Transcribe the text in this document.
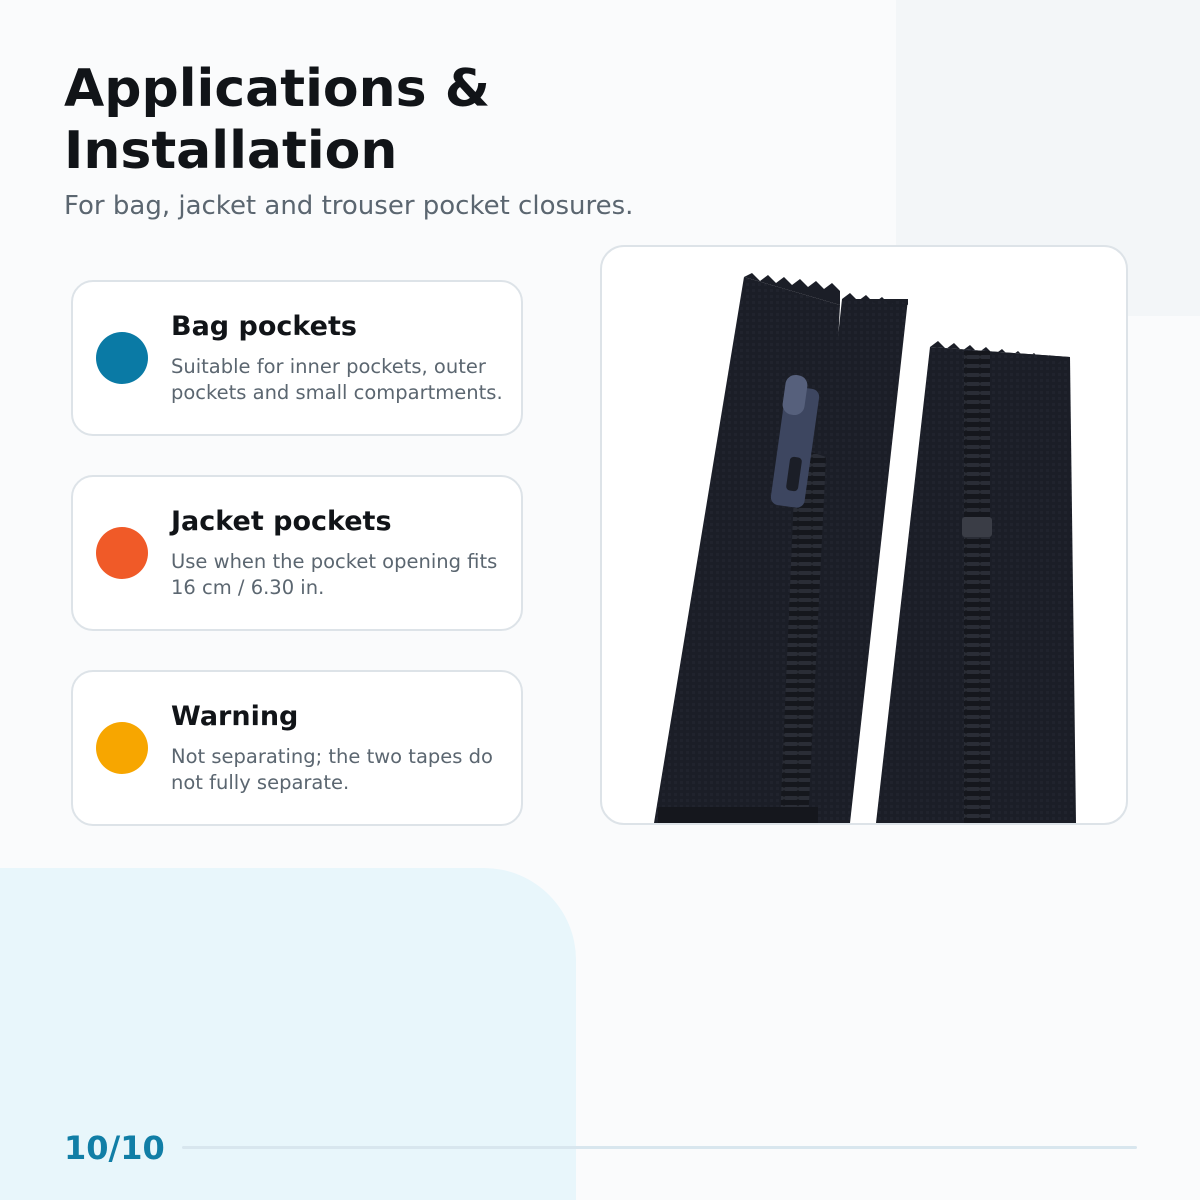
Applications & Installation

For bag, jacket and trouser pocket closures.

Bag pockets

Suitable for inner pockets, outer pockets and small compartments.

Jacket pockets

Use when the pocket opening fits 16 cm / 6.30 in.

Warning

Not separating; the two tapes do not fully separate.

10/10
